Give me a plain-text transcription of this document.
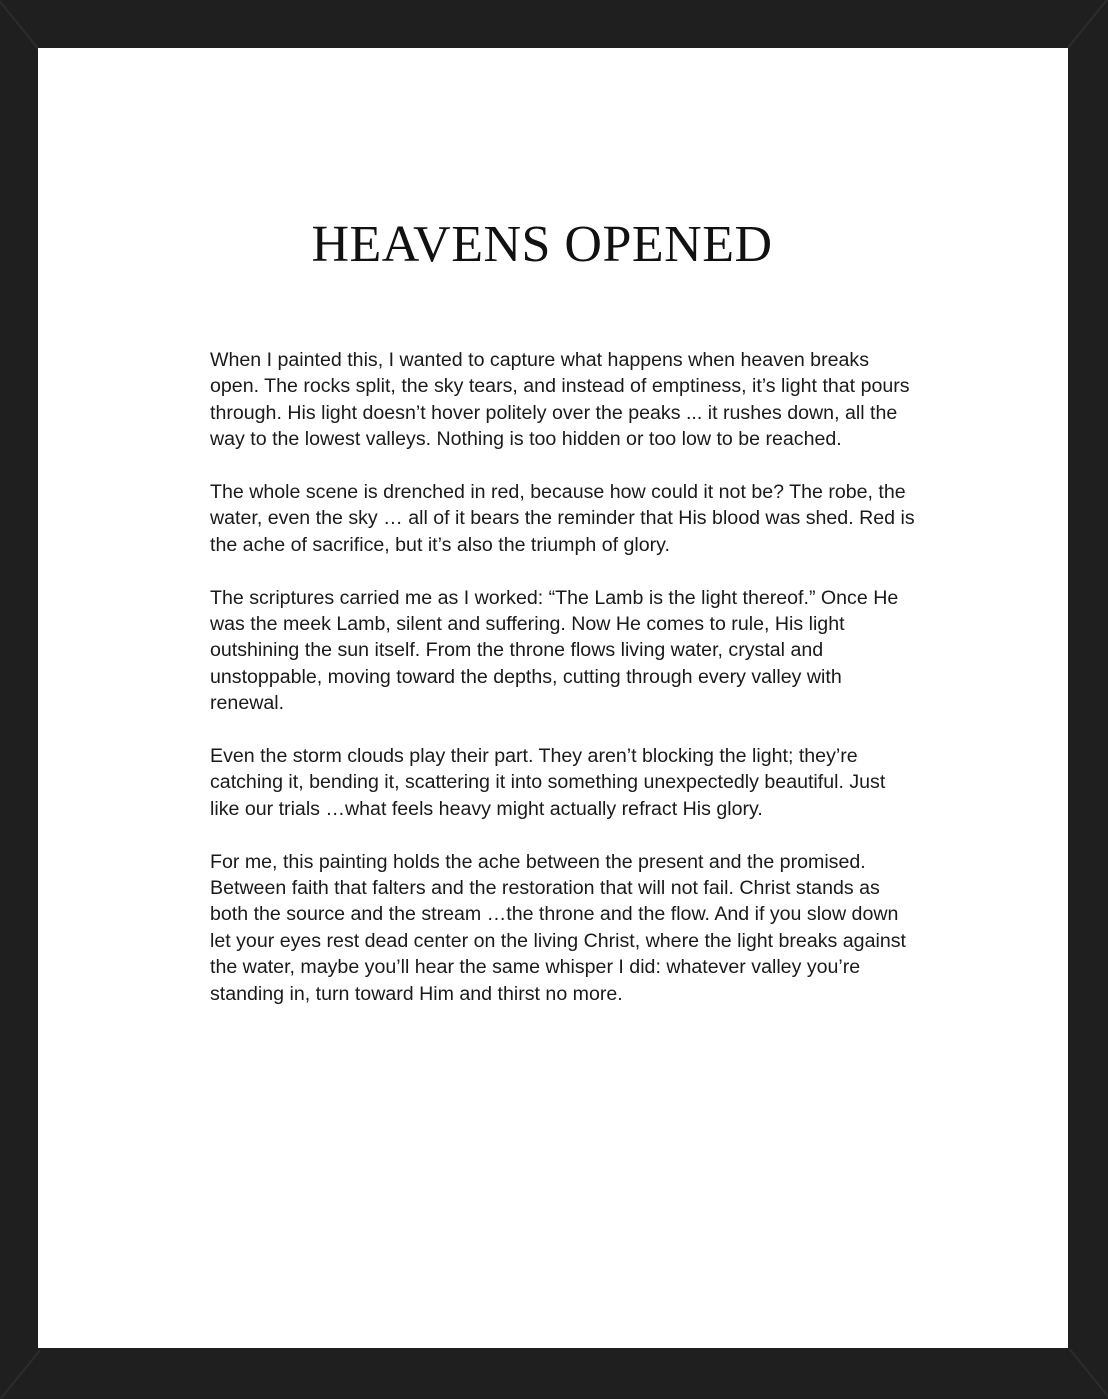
HEAVENS OPENED

When I painted this, I wanted to capture what happens when heaven breaks open. The rocks split, the sky tears, and instead of emptiness, it’s light that pours through. His light doesn’t hover politely over the peaks ... it rushes down, all the way to the lowest valleys. Nothing is too hidden or too low to be reached.

The whole scene is drenched in red, because how could it not be? The robe, the water, even the sky … all of it bears the reminder that His blood was shed. Red is the ache of sacrifice, but it’s also the triumph of glory.

The scriptures carried me as I worked: “The Lamb is the light thereof.” Once He was the meek Lamb, silent and suffering. Now He comes to rule, His light outshining the sun itself. From the throne flows living water, crystal and unstoppable, moving toward the depths, cutting through every valley with renewal.

Even the storm clouds play their part. They aren’t blocking the light; they’re catching it, bending it, scattering it into something unexpectedly beautiful. Just like our trials …what feels heavy might actually refract His glory.

For me, this painting holds the ache between the present and the promised. Between faith that falters and the restoration that will not fail. Christ stands as both the source and the stream …the throne and the flow. And if you slow down let your eyes rest dead center on the living Christ, where the light breaks against the water, maybe you’ll hear the same whisper I did: whatever valley you’re standing in, turn toward Him and thirst no more.
